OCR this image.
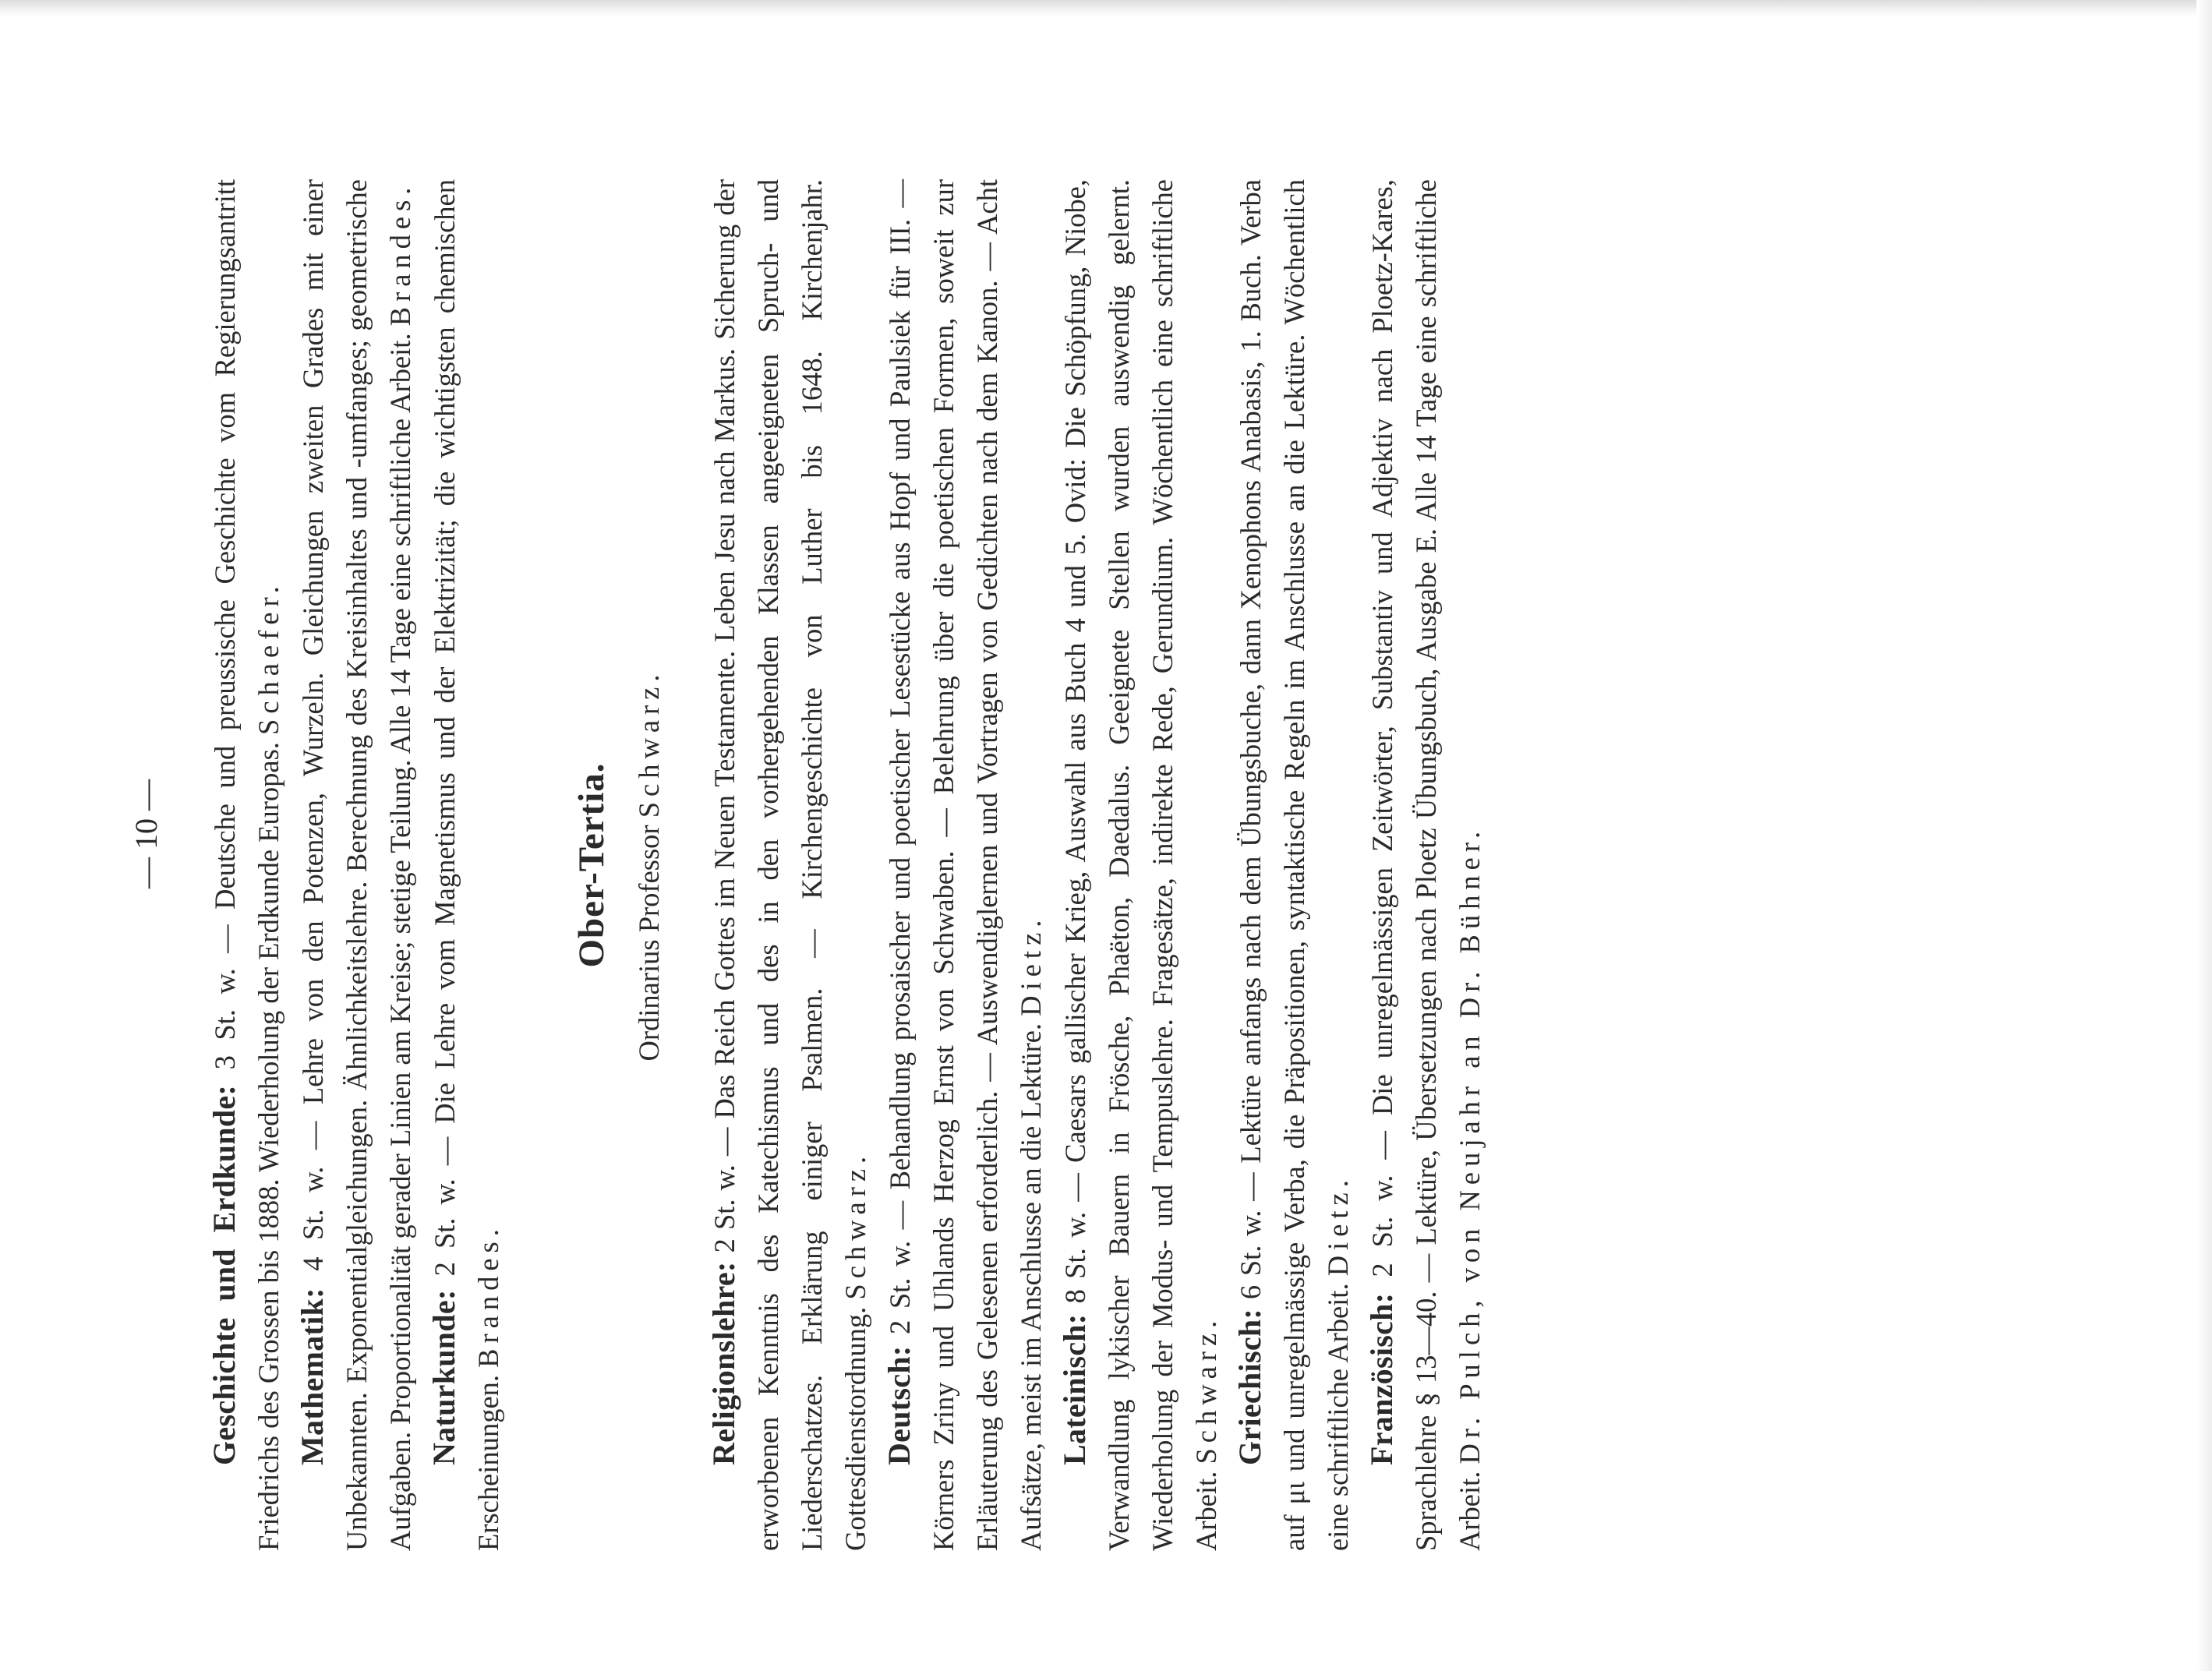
— 10 —

Geschichte und Erdkunde: 3 St. w. — Deutsche und preussische Geschichte vom Regierungsantritt Friedrichs des Grossen bis 1888. Wiederholung der Erdkunde Europas. Schaefer.

Mathematik: 4 St. w. — Lehre von den Potenzen, Wurzeln. Gleichungen zweiten Grades mit einer Unbekannten. Exponentialgleichungen. Ähnlichkeitslehre. Berechnung des Kreisinhaltes und -umfanges; geometrische Aufgaben. Proportionalität gerader Linien am Kreise; stetige Teilung. Alle 14 Tage eine schriftliche Arbeit. Brandes.

Naturkunde: 2 St. w. — Die Lehre vom Magnetismus und der Elektrizität; die wichtigsten chemischen Erscheinungen. Brandes.

Ober-Tertia. Ordinarius Professor Schwarz.

Religionslehre: 2 St. w. — Das Reich Gottes im Neuen Testamente. Leben Jesu nach Markus. Sicherung der erworbenen Kenntnis des Katechismus und des in den vorhergehenden Klassen angeeigneten Spruch- und Liederschatzes. Erklärung einiger Psalmen. — Kirchengeschichte von Luther bis 1648. Kirchenjahr. Gottesdienstordnung. Schwarz.

Deutsch: 2 St. w. — Behandlung prosaischer und poetischer Lesestücke aus Hopf und Paulsiek für III. — Körners Zriny und Uhlands Herzog Ernst von Schwaben. — Belehrung über die poetischen Formen, soweit zur Erläuterung des Gelesenen erforderlich. — Auswendiglernen und Vortragen von Gedichten nach dem Kanon. — Acht Aufsätze, meist im Anschlusse an die Lektüre. Dietz.

Lateinisch: 8 St. w. — Caesars gallischer Krieg, Auswahl aus Buch 4 und 5. Ovid: Die Schöpfung, Niobe, Verwandlung lykischer Bauern in Frösche, Phaëton, Daedalus. Geeignete Stellen wurden auswendig gelernt. Wiederholung der Modus- und Tempuslehre. Fragesätze, indirekte Rede, Gerundium. Wöchentlich eine schriftliche Arbeit. Schwarz. Griechisch: 6 St. w. — Lektüre anfangs nach dem Übungsbuche, dann Xenophons Anabasis, 1. Buch. Verba auf μι und unregelmässige Verba, die Präpositionen, syntaktische Regeln im Anschlusse an die Lektüre. Wöchentlich eine schriftliche Arbeit. Dietz.

Französisch: 2 St. w. — Die unregelmässigen Zeitwörter, Substantiv und Adjektiv nach Ploetz-Kares, Sprachlehre § 13—40. — Lektüre, Übersetzungen nach Ploetz Übungsbuch, Ausgabe E. Alle 14 Tage eine schriftliche Arbeit. Dr. Pulch, von Neujahr an Dr. Bühner.
